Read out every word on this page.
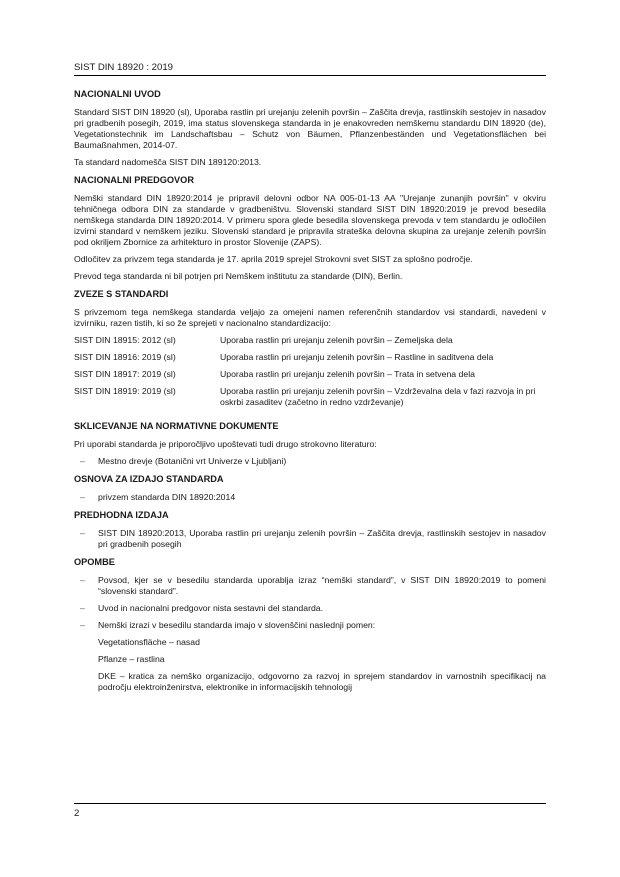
SIST DIN 18920 : 2019
NACIONALNI UVOD

Standard SIST DIN 18920 (sl), Uporaba rastlin pri urejanju zelenih površin – Zaščita drevja, rastlinskih sestojev in nasadov pri gradbenih posegih, 2019, ima status slovenskega standarda in je enakovreden nemškemu standardu DIN 18920 (de), Vegetationstechnik im Landschaftsbau – Schutz von Bäumen, Pflanzenbeständen und Vegetationsflächen bei Baumaßnahmen, 2014-07.

Ta standard nadomešča SIST DIN 189120:2013.

NACIONALNI PREDGOVOR

Nemški standard DIN 18920:2014 je pripravil delovni odbor NA 005-01-13 AA "Urejanje zunanjih površin" v okviru tehničnega odbora DIN za standarde v gradbeništvu. Slovenski standard SIST DIN 18920:2019 je prevod besedila nemškega standarda DIN 18920:2014. V primeru spora glede besedila slovenskega prevoda v tem standardu je odločilen izvirni standard v nemškem jeziku. Slovenski standard je pripravila strateška delovna skupina za urejanje zelenih površin pod okriljem Zbornice za arhitekturo in prostor Slovenije (ZAPS).

Odločitev za privzem tega standarda je 17. aprila 2019 sprejel Strokovni svet SIST za splošno področje.

Prevod tega standarda ni bil potrjen pri Nemškem inštitutu za standarde (DIN), Berlin.

ZVEZE S STANDARDI

S privzemom tega nemškega standarda veljajo za omejeni namen referenčnih standardov vsi standardi, navedeni v izvirniku, razen tistih, ki so že sprejeti v nacionalno standardizacijo:

SIST DIN 18915: 2012 (sl)	Uporaba rastlin pri urejanju zelenih površin – Zemeljska dela
SIST DIN 18916: 2019 (sl)	Uporaba rastlin pri urejanju zelenih površin – Rastline in saditvena dela
SIST DIN 18917: 2019 (sl)	Uporaba rastlin pri urejanju zelenih površin – Trata in setvena dela
SIST DIN 18919: 2019 (sl)	Uporaba rastlin pri urejanju zelenih površin – Vzdrževalna dela v fazi razvoja in pri oskrbi zasaditev (začetno in redno vzdrževanje)
SKLICEVANJE NA NORMATIVNE DOKUMENTE

Pri uporabi standarda je priporočljivo upoštevati tudi drugo strokovno literaturo:

– Mestno drevje (Botanični vrt Univerze v Ljubljani)
OSNOVA ZA IZDAJO STANDARDA
– privzem standarda DIN 18920:2014
PREDHODNA IZDAJA
– SIST DIN 18920:2013, Uporaba rastlin pri urejanju zelenih površin – Zaščita drevja, rastlinskih sestojev in nasadov pri gradbenih posegih
OPOMBE
– Povsod, kjer se v besedilu standarda uporablja izraz “nemški standard”, v SIST DIN 18920:2019 to pomeni “slovenski standard”.
– Uvod in nacionalni predgovor nista sestavni del standarda.
– Nemški izrazi v besedilu standarda imajo v slovenščini naslednji pomen:

Vegetationsfläche – nasad

Pflanze – rastlina

DKE – kratica za nemško organizacijo, odgovorno za razvoj in sprejem standardov in varnostnih specifikacij na področju elektroinženirstva, elektronike in informacijskih tehnologij

2
